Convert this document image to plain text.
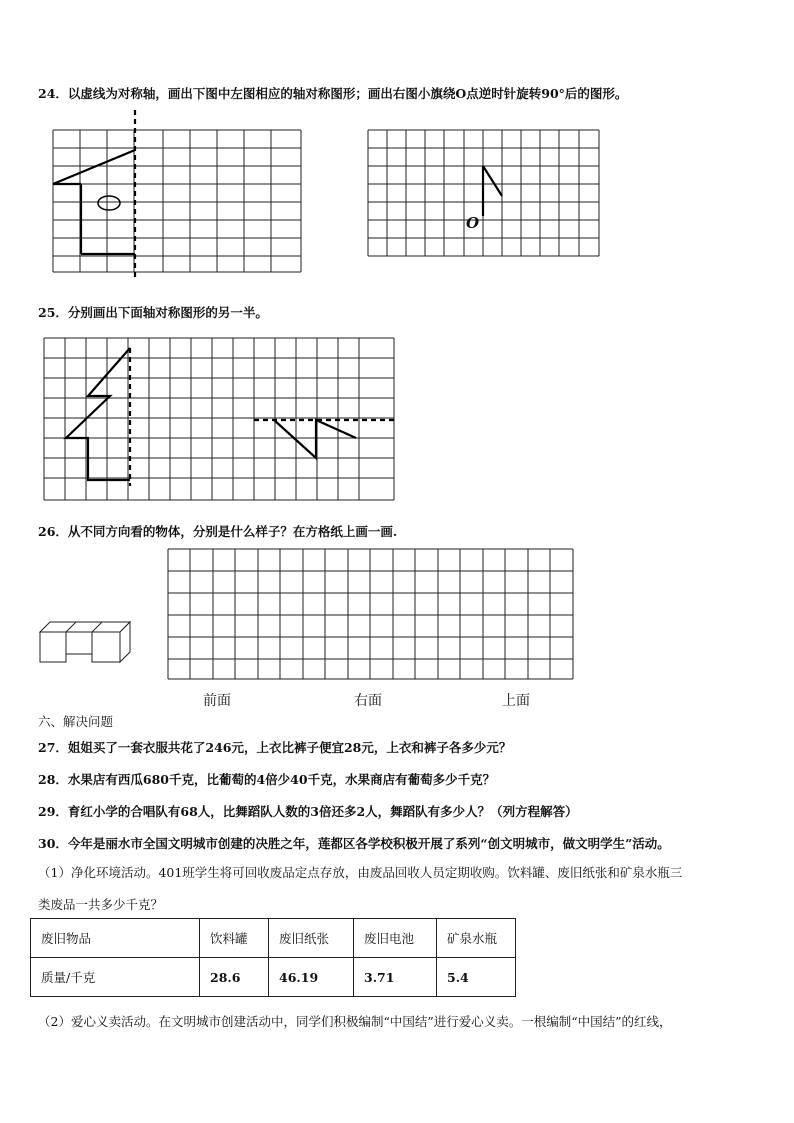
24．以虚线为对称轴，画出下图中左图相应的轴对称图形；画出右图小旗绕O点逆时针旋转90°后的图形。
O
25．分别画出下面轴对称图形的另一半。
26．从不同方向看的物体，分别是什么样子？在方格纸上画一画.
前面	右面	上面
六、解决问题
27．姐姐买了一套衣服共花了246元，上衣比裤子便宜28元，上衣和裤子各多少元？
28．水果店有西瓜680千克，比葡萄的4倍少40千克，水果商店有葡萄多少千克？
29．育红小学的合唱队有68人，比舞蹈队人数的3倍还多2人，舞蹈队有多少人？（列方程解答）
30．今年是丽水市全国文明城市创建的决胜之年，莲都区各学校积极开展了系列“创文明城市，做文明学生”活动。
（1）净化环境活动。401班学生将可回收废品定点存放，由废品回收人员定期收购。饮料罐、废旧纸张和矿泉水瓶三
类废品一共多少千克？
废旧物品	饮料罐	废旧纸张	废旧电池	矿泉水瓶
质量/千克	28.6	46.19	3.71	5.4
（2）爱心义卖活动。在文明城市创建活动中，同学们积极编制“中国结”进行爱心义卖。一根编制“中国结”的红线，
